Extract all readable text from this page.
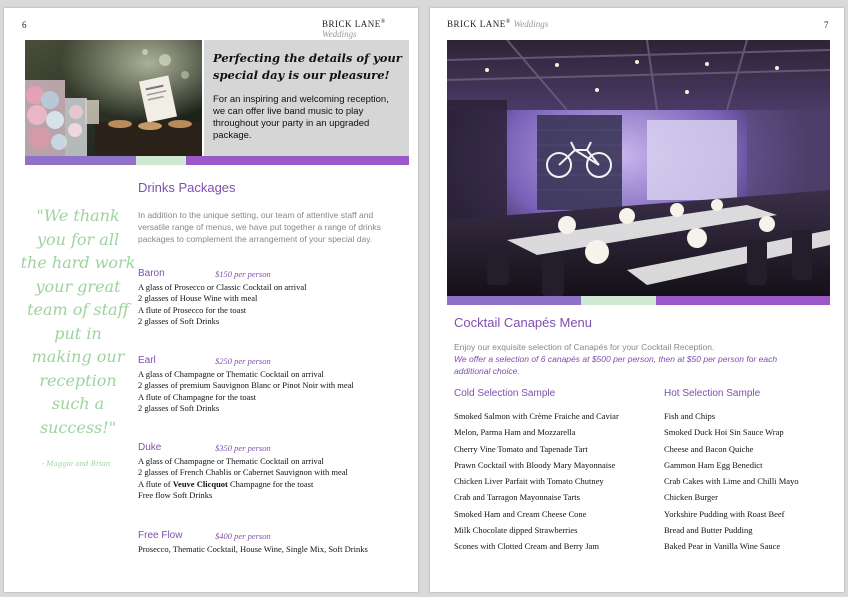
6	BRICK LANE® Weddings
Perfecting the details of your special day is our pleasure!
For an inspiring and welcoming reception, we can offer live band music to play throughout your party in an upgraded package.
Drinks Packages
In addition to the unique setting, our team of attentive staff and versatile range of menus, we have put together a range of drinks packages to complement the arrangement of your special day.
"We thank
you for all
the hard work
your great
team of staff
put in
making our
reception
such a
success!"
- Maggie and Brian
Baron	$150 per person
A glass of Prosecco or Classic Cocktail on arrival
2 glasses of House Wine with meal
A flute of Prosecco for the toast
2 glasses of Soft Drinks
Earl	$250 per person
A glass of Champagne or Thematic Cocktail on arrival
2 glasses of premium Sauvignon Blanc or Pinot Noir with meal
A flute of Champagne for the toast
2 glasses of Soft Drinks
Duke	$350 per person
A glass of Champagne or Thematic Cocktail on arrival
2 glasses of French Chablis or Cabernet Sauvignon with meal
A flute of Veuve Clicquot Champagne for the toast
Free flow Soft Drinks
Free Flow	$400 per person
Prosecco, Thematic Cocktail, House Wine, Single Mix, Soft Drinks
BRICK LANE® Weddings	7
Cocktail Canapés Menu
Enjoy our exquisite selection of Canapés for your Cocktail Reception.
We offer a selection of 6 canapés at $500 per person, then at $50 per person for each additional choice.
Cold Selection Sample
Smoked Salmon with Crème Fraiche and Caviar
Melon, Parma Ham and Mozzarella
Cherry Vine Tomato and Tapenade Tart
Prawn Cocktail with Bloody Mary Mayonnaise
Chicken Liver Parfait with Tomato Chutney
Crab and Tarragon Mayonnaise Tarts
Smoked Ham and Cream Cheese Cone
Milk Chocolate dipped Strawberries
Scones with Clotted Cream and Berry Jam
Hot Selection Sample
Fish and Chips
Smoked Duck Hoi Sin Sauce Wrap
Cheese and Bacon Quiche
Gammon Ham Egg Benedict
Crab Cakes with Lime and Chilli Mayo
Chicken Burger
Yorkshire Pudding with Roast Beef
Bread and Butter Pudding
Baked Pear in Vanilla Wine Sauce
